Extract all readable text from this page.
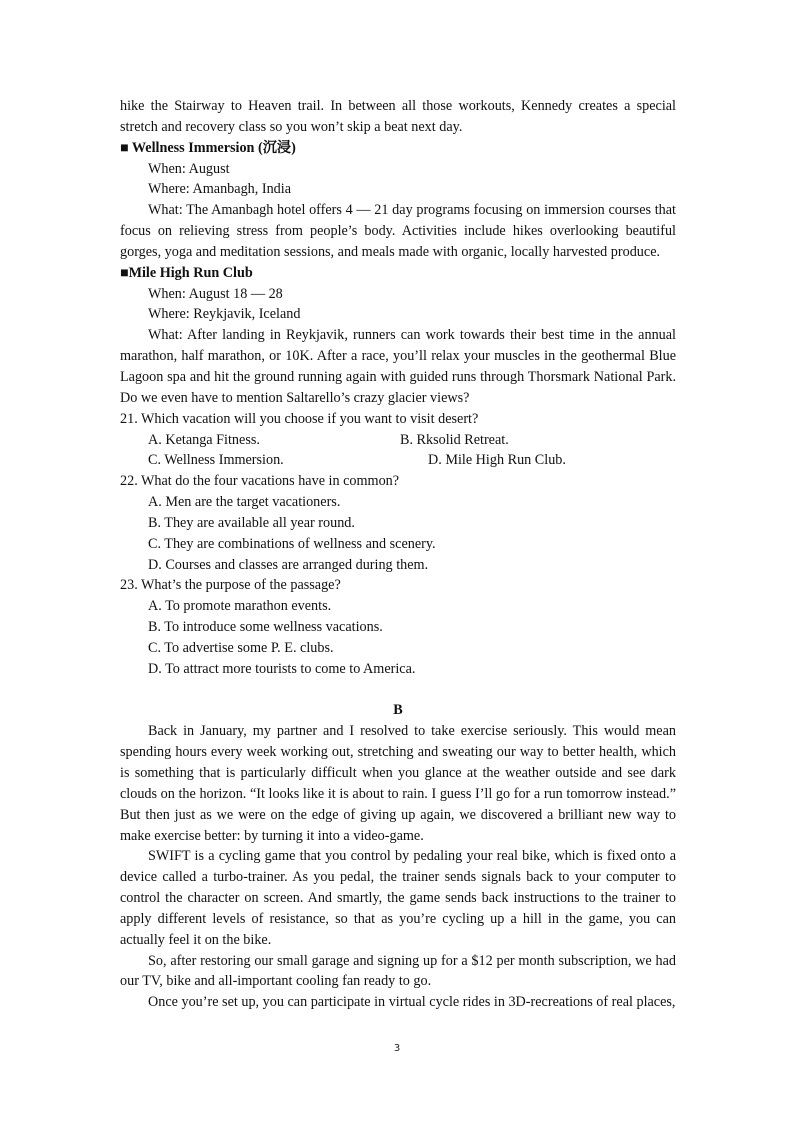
hike the Stairway to Heaven trail. In between all those workouts, Kennedy creates a special stretch and recovery class so you won’t skip a beat next day.

■ Wellness Immersion (沉浸)

When: August

Where: Amanbagh, India

What: The Amanbagh hotel offers 4 — 21 day programs focusing on immersion courses that focus on relieving stress from people’s body. Activities include hikes overlooking beautiful gorges, yoga and meditation sessions, and meals made with organic, locally harvested produce.

■Mile High Run Club

When: August 18 — 28

Where: Reykjavik, Iceland

What: After landing in Reykjavik, runners can work towards their best time in the annual marathon, half marathon, or 10K. After a race, you’ll relax your muscles in the geothermal Blue Lagoon spa and hit the ground running again with guided runs through Thorsmark National Park. Do we even have to mention Saltarello’s crazy glacier views?

21. Which vacation will you choose if you want to visit desert?

A. Ketanga Fitness.	B. Rksolid Retreat.
C. Wellness Immersion.	D. Mile High Run Club.

22. What do the four vacations have in common?

A. Men are the target vacationers.

B. They are available all year round.

C. They are combinations of wellness and scenery.

D. Courses and classes are arranged during them.

23. What’s the purpose of the passage?

A. To promote marathon events.

B. To introduce some wellness vacations.

C. To advertise some P. E. clubs.

D. To attract more tourists to come to America.

B

Back in January, my partner and I resolved to take exercise seriously. This would mean spending hours every week working out, stretching and sweating our way to better health, which is something that is particularly difficult when you glance at the weather outside and see dark clouds on the horizon. “It looks like it is about to rain. I guess I’ll go for a run tomorrow instead.” But then just as we were on the edge of giving up again, we discovered a brilliant new way to make exercise better: by turning it into a video-game.

SWIFT is a cycling game that you control by pedaling your real bike, which is fixed onto a device called a turbo-trainer. As you pedal, the trainer sends signals back to your computer to control the character on screen. And smartly, the game sends back instructions to the trainer to apply different levels of resistance, so that as you’re cycling up a hill in the game, you can actually feel it on the bike.

So, after restoring our small garage and signing up for a $12 per month subscription, we had our TV, bike and all-important cooling fan ready to go.

Once you’re set up, you can participate in virtual cycle rides in 3D-recreations of real places,

3
